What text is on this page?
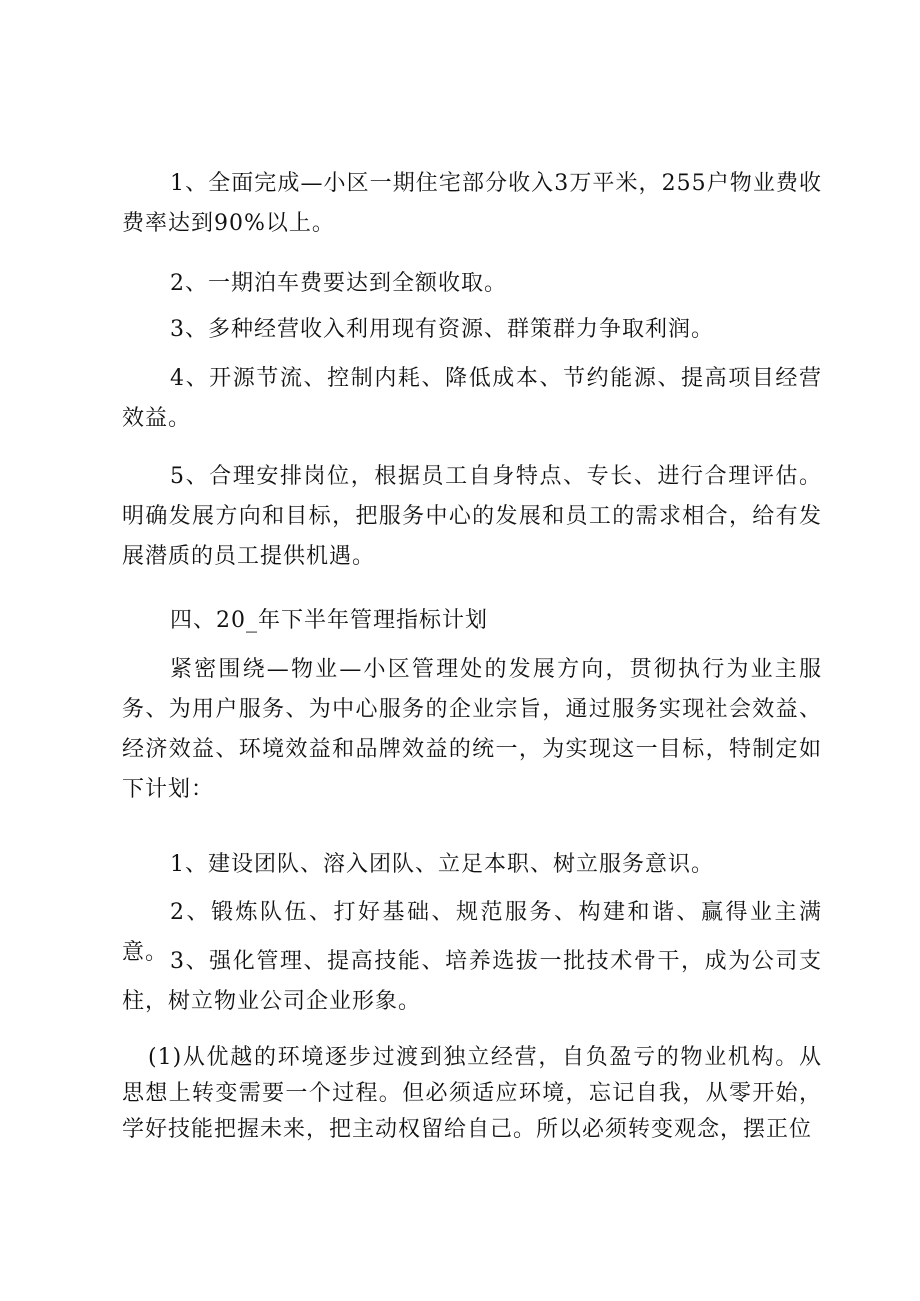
1、全面完成—小区一期住宅部分收入3万平米，255户物业费收费率达到90%以上。

2、一期泊车费要达到全额收取。

3、多种经营收入利用现有资源、群策群力争取利润。

4、开源节流、控制内耗、降低成本、节约能源、提高项目经营效益。

5、合理安排岗位，根据员工自身特点、专长、进行合理评估。明确发展方向和目标，把服务中心的发展和员工的需求相合，给有发展潜质的员工提供机遇。

四、20_年下半年管理指标计划

紧密围绕—物业—小区管理处的发展方向，贯彻执行为业主服务、为用户服务、为中心服务的企业宗旨，通过服务实现社会效益、经济效益、环境效益和品牌效益的统一，为实现这一目标，特制定如下计划：

1、建设团队、溶入团队、立足本职、树立服务意识。

2、锻炼队伍、打好基础、规范服务、构建和谐、赢得业主满意。 3、强化管理、提高技能、培养选拔一批技术骨干，成为公司支柱，树立物业公司企业形象。

(1)从优越的环境逐步过渡到独立经营，自负盈亏的物业机构。从思想上转变需要一个过程。但必须适应环境，忘记自我，从零开始，学好技能把握未来，把主动权留给自己。所以必须转变观念，摆正位
